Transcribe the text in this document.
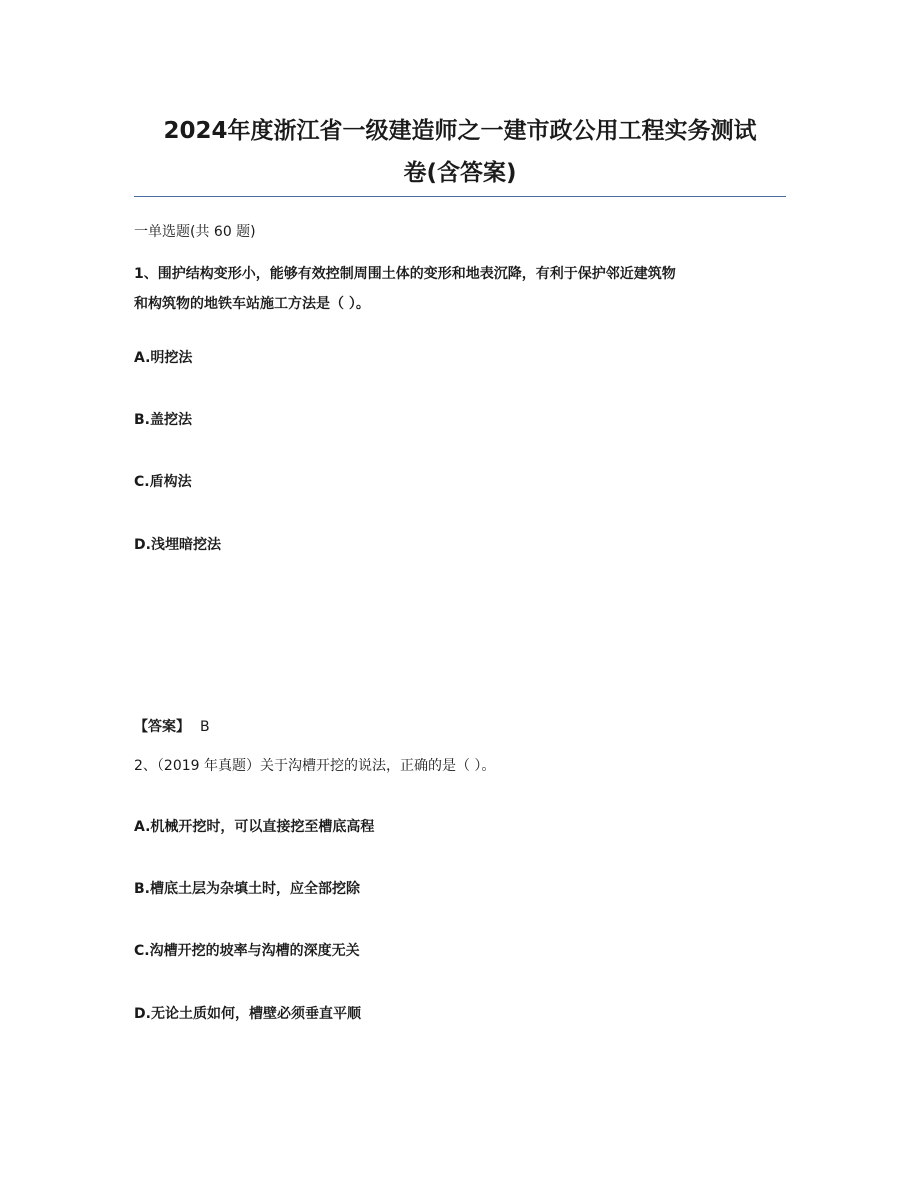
2024年度浙江省一级建造师之一建市政公用工程实务测试
卷(含答案)
一单选题(共 60 题)
1、围护结构变形小，能够有效控制周围土体的变形和地表沉降，有利于保护邻近建筑物
和构筑物的地铁车站施工方法是（ ）。
A.明挖法
B.盖挖法
C.盾构法
D.浅埋暗挖法
【答案】 B
2、（2019 年真题）关于沟槽开挖的说法，正确的是（ ）。
A.机械开挖时，可以直接挖至槽底高程
B.槽底土层为杂填土时，应全部挖除
C.沟槽开挖的坡率与沟槽的深度无关
D.无论土质如何，槽壁必须垂直平顺
